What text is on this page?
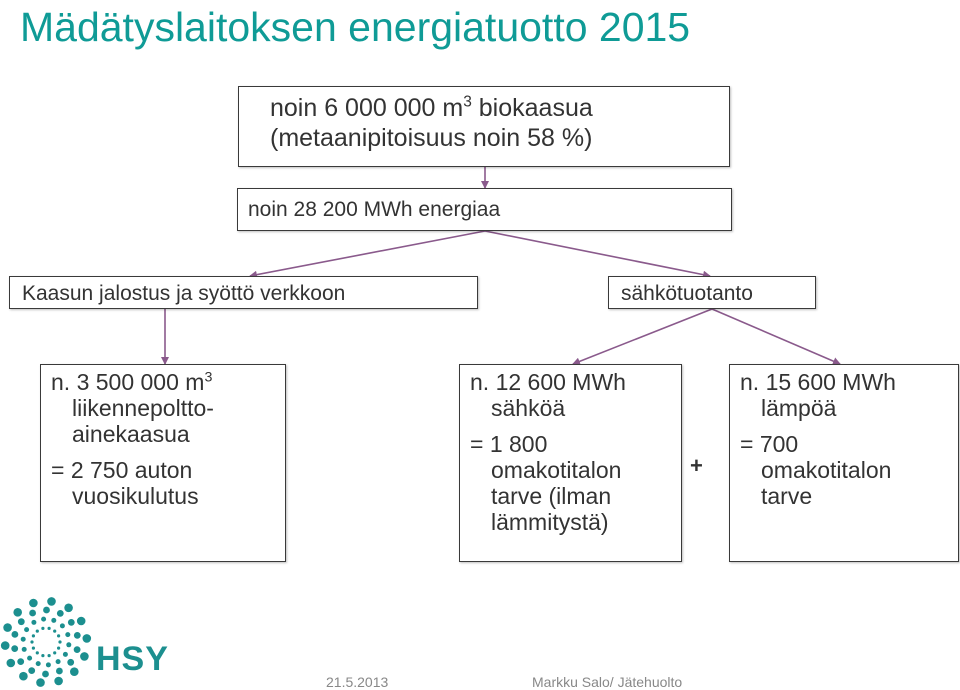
Mädätyslaitoksen energiatuotto 2015
noin 6 000 000 $m^3$ biokaasua
(metaanipitoisuus noin 58 %)
noin 28 200 MWh energiaa
Kaasun jalostus ja syöttö verkkoon	sähkötuotanto
n. 3 500 000 $m^3$
liikennepoltto-
ainekaasua
= 2 750 auton
vuosikulutus
n. 12 600 MWh
sähköä
= 1 800
omakotitalon
tarve (ilman
lämmitystä)
+
n. 15 600 MWh
lämpöä
= 700
omakotitalon
tarve
HSY
21.5.2013	Markku Salo/ Jätehuolto
